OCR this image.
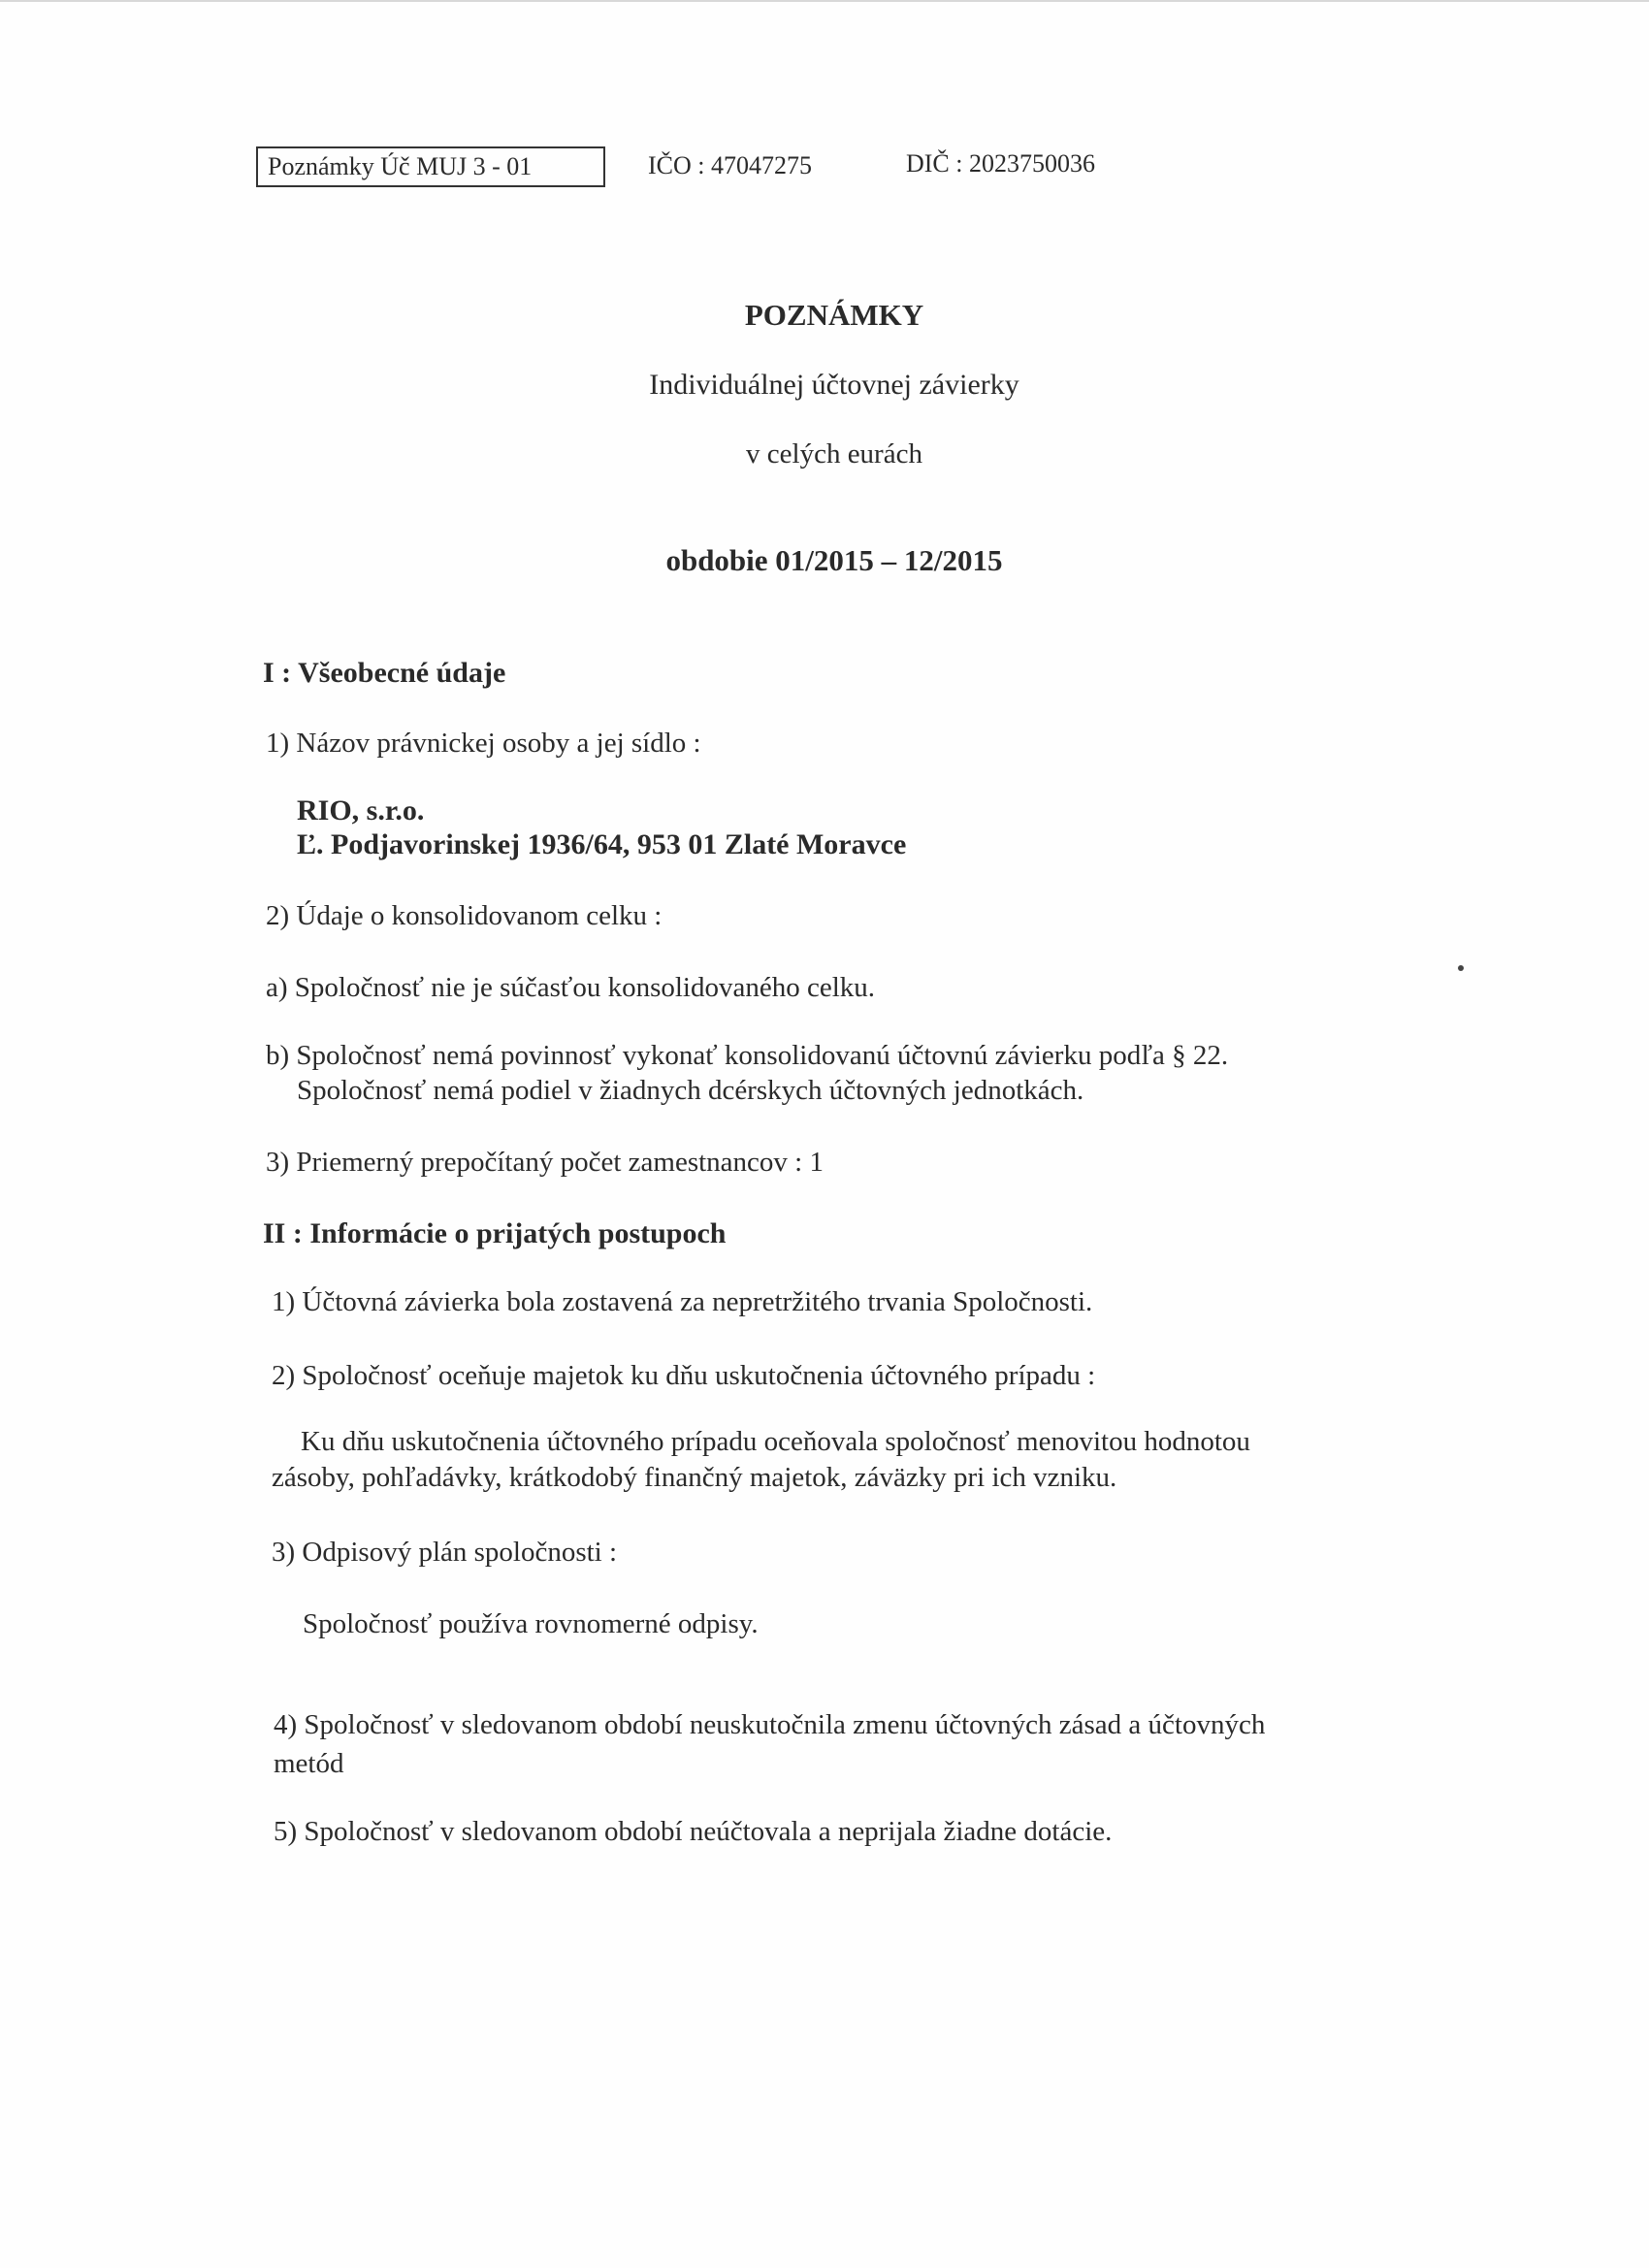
Poznámky Úč MUJ 3 - 01	IČO : 47047275	DIČ : 2023750036
POZNÁMKY
Individuálnej účtovnej závierky
v celých eurách
obdobie 01/2015 – 12/2015
I : Všeobecné údaje
1) Názov právnickej osoby a jej sídlo :
RIO, s.r.o.
Ľ. Podjavorinskej 1936/64, 953 01 Zlaté Moravce
2) Údaje o konsolidovanom celku :
a) Spoločnosť nie je súčasťou konsolidovaného celku.
b) Spoločnosť nemá povinnosť vykonať konsolidovanú účtovnú závierku podľa § 22.
Spoločnosť nemá podiel v žiadnych dcérskych účtovných jednotkách.
3) Priemerný prepočítaný počet zamestnancov : 1
II : Informácie o prijatých postupoch
1) Účtovná závierka bola zostavená za nepretržitého trvania Spoločnosti.
2) Spoločnosť oceňuje majetok ku dňu uskutočnenia účtovného prípadu :
Ku dňu uskutočnenia účtovného prípadu oceňovala spoločnosť menovitou hodnotou
zásoby, pohľadávky, krátkodobý finančný majetok, záväzky pri ich vzniku.
3) Odpisový plán spoločnosti :
Spoločnosť používa rovnomerné odpisy.
4) Spoločnosť v sledovanom období neuskutočnila zmenu účtovných zásad a účtovných
metód
5) Spoločnosť v sledovanom období neúčtovala a neprijala žiadne dotácie.
